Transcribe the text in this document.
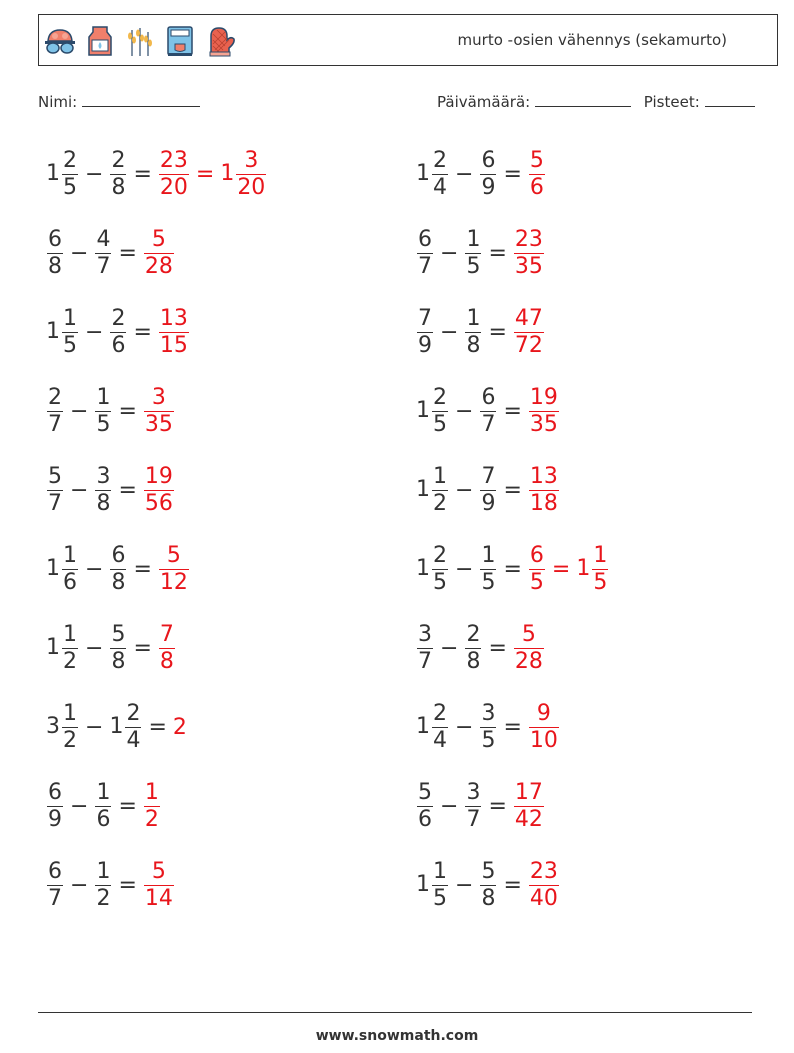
murto -osien vähennys (sekamurto)
Nimi:	Päivämäärä:	Pisteet:
$1 \frac{2}{5} - \frac{2}{8} = \frac{23}{20} = 1 \frac{3}{20}$
$\frac{6}{8} - \frac{4}{7} = \frac{5}{28}$
$1 \frac{1}{5} - \frac{2}{6} = \frac{13}{15}$
$\frac{2}{7} - \frac{1}{5} = \frac{3}{35}$
$\frac{5}{7} - \frac{3}{8} = \frac{19}{56}$
$1 \frac{1}{6} - \frac{6}{8} = \frac{5}{12}$
$1 \frac{1}{2} - \frac{5}{8} = \frac{7}{8}$
$3 \frac{1}{2} - 1 \frac{2}{4} = 2$
$\frac{6}{9} - \frac{1}{6} = \frac{1}{2}$
$\frac{6}{7} - \frac{1}{2} = \frac{5}{14}$
$1 \frac{2}{4} - \frac{6}{9} = \frac{5}{6}$
$\frac{6}{7} - \frac{1}{5} = \frac{23}{35}$
$\frac{7}{9} - \frac{1}{8} = \frac{47}{72}$
$1 \frac{2}{5} - \frac{6}{7} = \frac{19}{35}$
$1 \frac{1}{2} - \frac{7}{9} = \frac{13}{18}$
$1 \frac{2}{5} - \frac{1}{5} = \frac{6}{5} = 1 \frac{1}{5}$
$\frac{3}{7} - \frac{2}{8} = \frac{5}{28}$
$1 \frac{2}{4} - \frac{3}{5} = \frac{9}{10}$
$\frac{5}{6} - \frac{3}{7} = \frac{17}{42}$
$1 \frac{1}{5} - \frac{5}{8} = \frac{23}{40}$
www.snowmath.com
